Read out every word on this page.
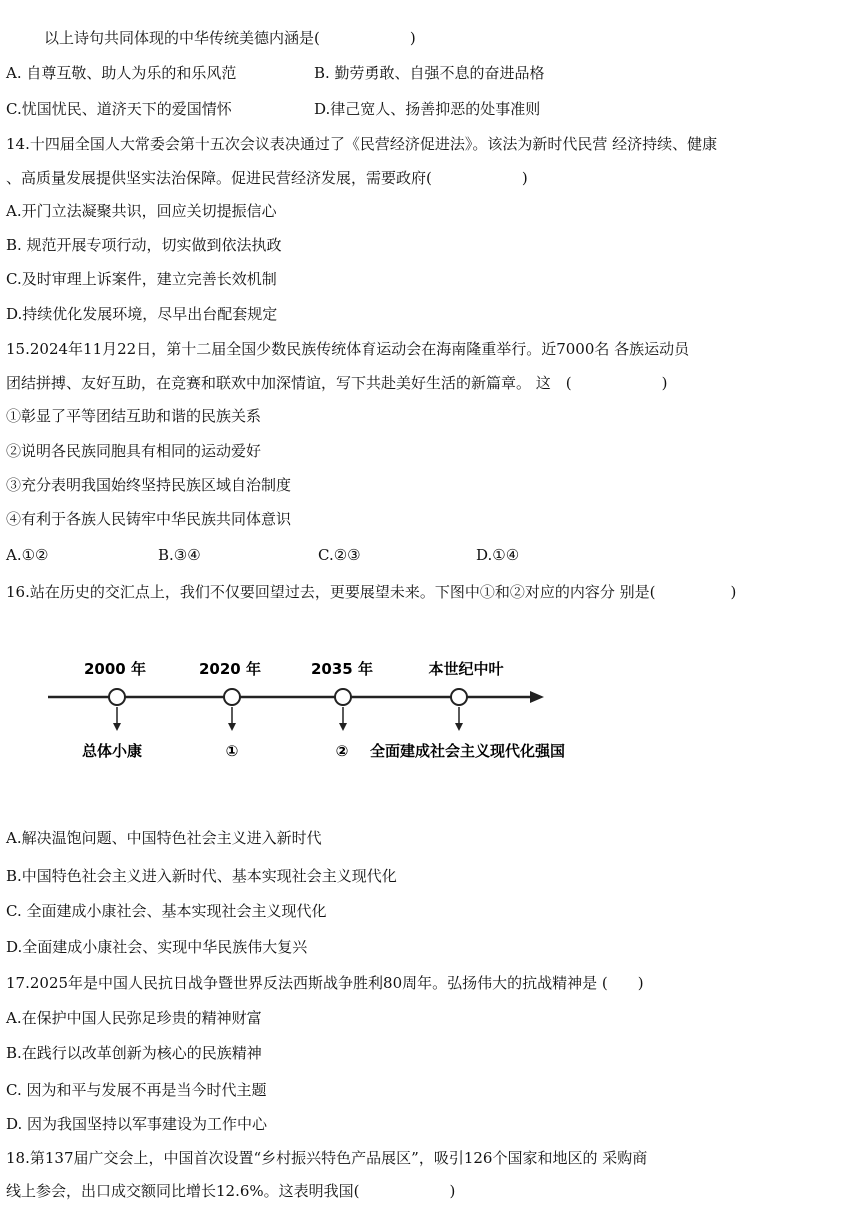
以上诗句共同体现的中华传统美德内涵是(　　　　　　)
A. 自尊互敬、助人为乐的和乐风范	B. 勤劳勇敢、自强不息的奋进品格
C.忧国忧民、道济天下的爱国情怀	D.律己宽人、扬善抑恶的处事准则
14.十四届全国人大常委会第十五次会议表决通过了《民营经济促进法》。该法为新时代民营 经济持续、健康
、高质量发展提供坚实法治保障。促进民营经济发展，需要政府(　　　　　　)
A.开门立法凝聚共识，回应关切提振信心
B. 规范开展专项行动，切实做到依法执政
C.及时审理上诉案件，建立完善长效机制
D.持续优化发展环境，尽早出台配套规定
15.2024年11月22日，第十二届全国少数民族传统体育运动会在海南隆重举行。近7000名 各族运动员
团结拼搏、友好互助，在竞赛和联欢中加深情谊，写下共赴美好生活的新篇章。 这　(　　　　　　)
①彰显了平等团结互助和谐的民族关系
②说明各民族同胞具有相同的运动爱好
③充分表明我国始终坚持民族区域自治制度
④有利于各族人民铸牢中华民族共同体意识
A.①②	B.③④	C.②③	D.①④
16.站在历史的交汇点上，我们不仅要回望过去，更要展望未来。下图中①和②对应的内容分 别是(　　　　　)
2000 年
总体小康
2020 年
①
2035 年
②
本世纪中叶
全面建成社会主义现代化强国
A.解决温饱问题、中国特色社会主义进入新时代
B.中国特色社会主义进入新时代、基本实现社会主义现代化
C. 全面建成小康社会、基本实现社会主义现代化
D.全面建成小康社会、实现中华民族伟大复兴
17.2025年是中国人民抗日战争暨世界反法西斯战争胜利80周年。弘扬伟大的抗战精神是 (　　)
A.在保护中国人民弥足珍贵的精神财富
B.在践行以改革创新为核心的民族精神
C. 因为和平与发展不再是当今时代主题
D. 因为我国坚持以军事建设为工作中心
18.第137届广交会上，中国首次设置“乡村振兴特色产品展区”，吸引126个国家和地区的 采购商
线上参会，出口成交额同比增长12.6%。这表明我国(　　　　　　)
